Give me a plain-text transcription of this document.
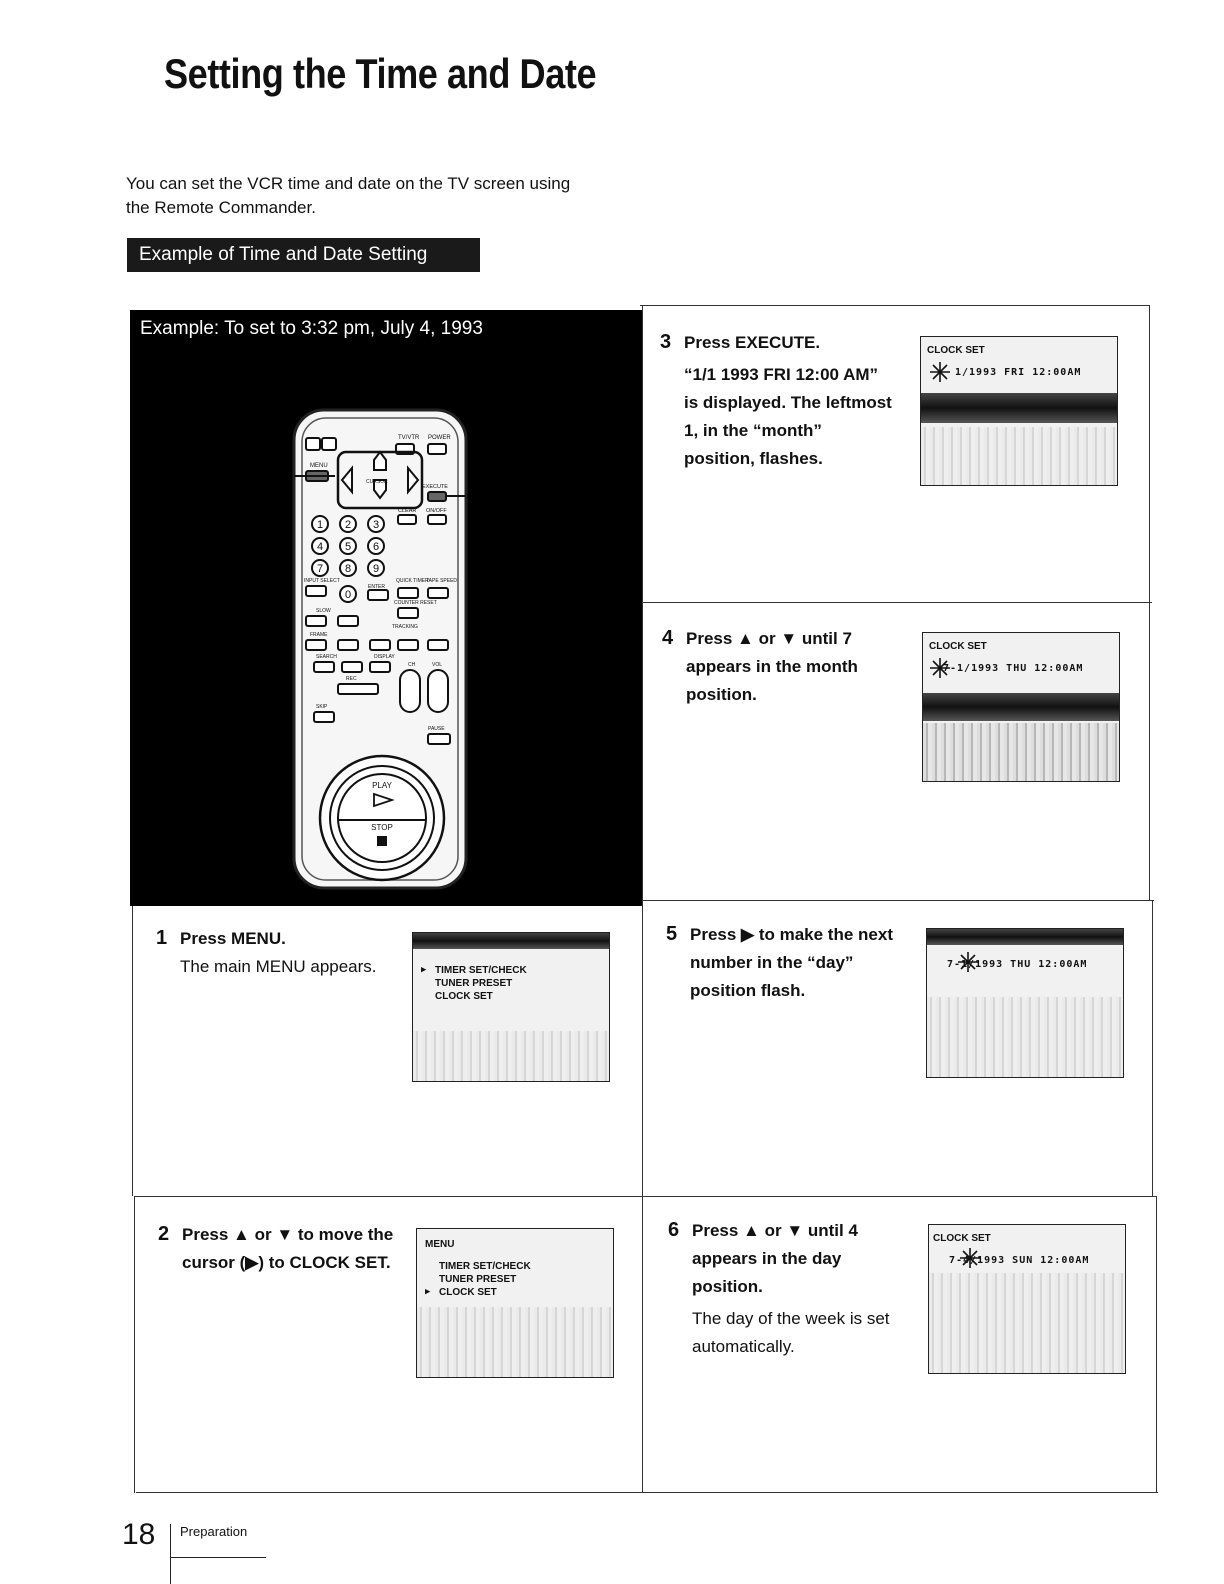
Setting the Time and Date
You can set the VCR time and date on the TV screen using
the Remote Commander.
Example of Time and Date Setting
Example: To set to 3:32 pm, July 4, 1993
TV/VTR POWER
MENU
CURSOR
EXECUTE
CLEAR ON/OFF
1 2 3
4 5 6
7 8 9
0
INPUT SELECT
ENTER
QUICK TIMER
TAPE SPEED
COUNTER RESET
SLOW
FRAME
TRACKING
SEARCH	DISPLAY
CH	VOL
REC
SKIP
PAUSE
PLAY
STOP
1 Press MENU.
The main MENU appears.	▶ TIMER SET/CHECK
TUNER PRESET
CLOCK SET
2 Press ▲ or ▼ to move the
cursor (▶) to CLOCK SET.
MENU
TIMER SET/CHECK
TUNER PRESET
▶ CLOCK SET
3 Press EXECUTE.
“1/1 1993 FRI 12:00 AM”
is displayed. The leftmost
1, in the “month”
position, flashes.
CLOCK SET
1/1993 FRI 12:00AM
4 Press ▲ or ▼ until 7
appears in the month
position.
CLOCK SET
7-1/1993 THU 12:00AM
5 Press ▶ to make the next
number in the “day”
position flash.
7-1/1993 THU 12:00AM
6 Press ▲ or ▼ until 4
appears in the day
position.
The day of the week is set
automatically.
CLOCK SET
7-4/1993 SUN 12:00AM
18 Preparation
